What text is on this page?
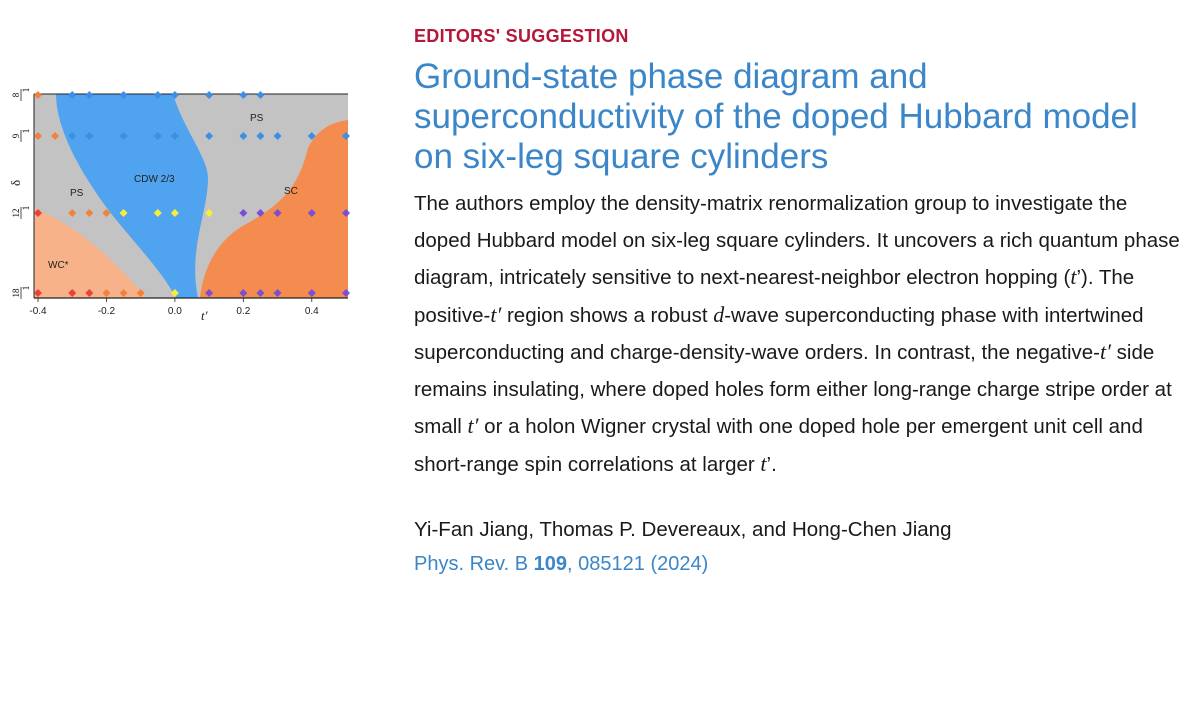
PS
PS
CDW 2/3
SC
WC*
δ
1
8
1
9
1
12
1
18
-0.4	-0.2	0.0	0.2	0.4
t'
EDITORS' SUGGESTION
Ground-state phase diagram and superconductivity of the doped Hubbard model on six-leg square cylinders

The authors employ the density-matrix renormalization group to investigate the doped Hubbard model on six-leg square cylinders. It uncovers a rich quantum phase diagram, intricately sensitive to next-nearest-neighbor electron hopping (t’). The positive-t′ region shows a robust d-wave superconducting phase with intertwined superconducting and charge-density-wave orders. In contrast, the negative-t′ side remains insulating, where doped holes form either long-range charge stripe order at small t′ or a holon Wigner crystal with one doped hole per emergent unit cell and short-range spin correlations at larger t’.

Yi-Fan Jiang, Thomas P. Devereaux, and Hong-Chen Jiang

Phys. Rev. B 109, 085121 (2024)
